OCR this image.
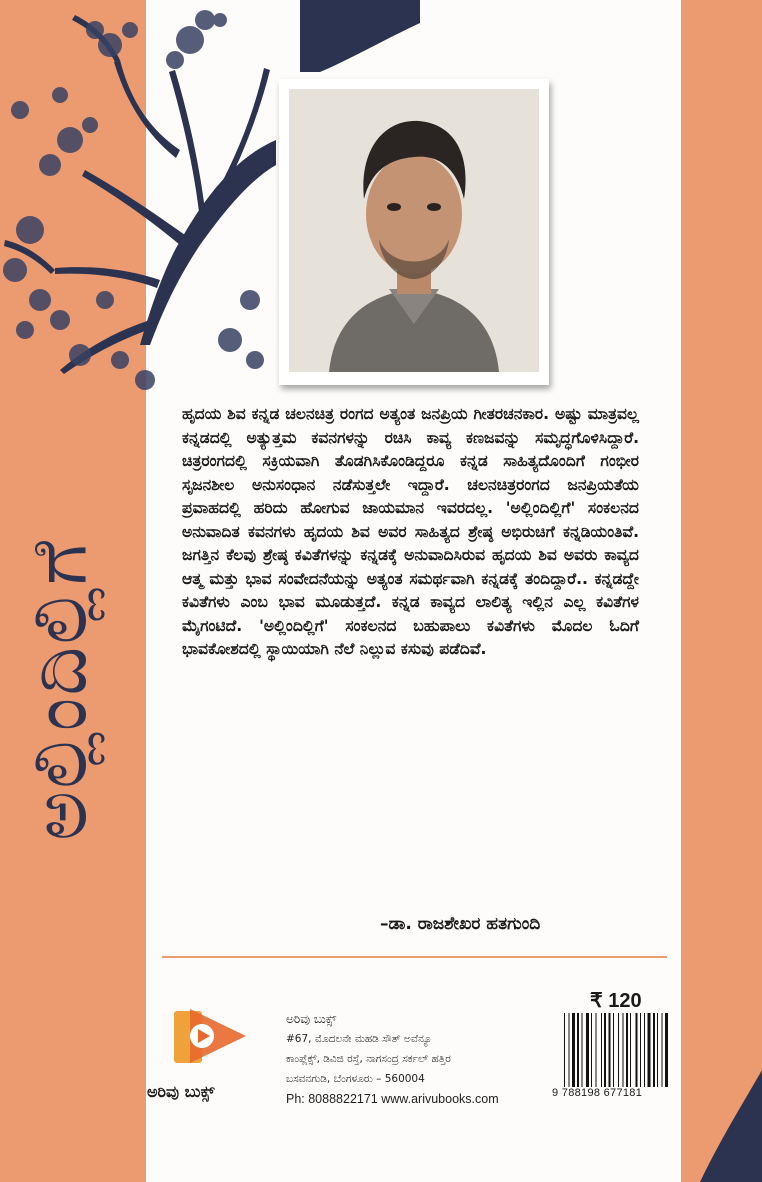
ಅಲ್ಲಿಂದಿಲ್ಲಿಗೆ

ಹೃದಯ ಶಿವ ಕನ್ನಡ ಚಲನಚಿತ್ರ ರಂಗದ ಅತ್ಯಂತ ಜನಪ್ರಿಯ ಗೀತರಚನಕಾರ. ಅಷ್ಟು ಮಾತ್ರವಲ್ಲ ಕನ್ನಡದಲ್ಲಿ ಅತ್ಯುತ್ತಮ ಕವನಗಳನ್ನು ರಚಿಸಿ ಕಾವ್ಯ ಕಣಜವನ್ನು ಸಮೃದ್ಧಗೊಳಿಸಿದ್ದಾರೆ. ಚಿತ್ರರಂಗದಲ್ಲಿ ಸಕ್ರಿಯವಾಗಿ ತೊಡಗಿಸಿಕೊಂಡಿದ್ದರೂ ಕನ್ನಡ ಸಾಹಿತ್ಯದೊಂದಿಗೆ ಗಂಭೀರ ಸೃಜನಶೀಲ ಅನುಸಂಧಾನ ನಡೆಸುತ್ತಲೇ ಇದ್ದಾರೆ. ಚಲನಚಿತ್ರರಂಗದ ಜನಪ್ರಿಯತೆಯ ಪ್ರವಾಹದಲ್ಲಿ ಹರಿದು ಹೋಗುವ ಜಾಯಮಾನ ಇವರದಲ್ಲ. 'ಅಲ್ಲಿಂದಿಲ್ಲಿಗೆ' ಸಂಕಲನದ ಅನುವಾದಿತ ಕವನಗಳು ಹೃದಯ ಶಿವ ಅವರ ಸಾಹಿತ್ಯದ ಶ್ರೇಷ್ಠ ಅಭಿರುಚಿಗೆ ಕನ್ನಡಿಯಂತಿವೆ. ಜಗತ್ತಿನ ಕೆಲವು ಶ್ರೇಷ್ಠ ಕವಿತೆಗಳನ್ನು ಕನ್ನಡಕ್ಕೆ ಅನುವಾದಿಸಿರುವ ಹೃದಯ ಶಿವ ಅವರು ಕಾವ್ಯದ ಆತ್ಮ ಮತ್ತು ಭಾವ ಸಂವೇದನೆಯನ್ನು ಅತ್ಯಂತ ಸಮರ್ಥವಾಗಿ ಕನ್ನಡಕ್ಕೆ ತಂದಿದ್ದಾರೆ.. ಕನ್ನಡದ್ದೇ ಕವಿತೆಗಳು ಎಂಬ ಭಾವ ಮೂಡುತ್ತದೆ. ಕನ್ನಡ ಕಾವ್ಯದ ಲಾಲಿತ್ಯ ಇಲ್ಲಿನ ಎಲ್ಲ ಕವಿತೆಗಳ ಮೈಗಂಟಿದೆ. 'ಅಲ್ಲಿಂದಿಲ್ಲಿಗೆ' ಸಂಕಲನದ ಬಹುಪಾಲು ಕವಿತೆಗಳು ಮೊದಲ ಓದಿಗೆ ಭಾವಕೋಶದಲ್ಲಿ ಸ್ಥಾಯಿಯಾಗಿ ನೆಲೆ ನಿಲ್ಲುವ ಕಸುವು ಪಡೆದಿವೆ.

–ಡಾ. ರಾಜಶೇಖರ ಹತಗುಂದಿ
ಅರಿವು ಬುಕ್ಸ್
ಅರಿವು ಬುಕ್ಸ್
#67, ಮೊದಲನೇ ಮಹಡಿ ಸೌತ್ ಅವೆನ್ಯೂ
ಕಾಂಪ್ಲೆಕ್ಸ್, ಡಿವಿಜಿ ರಸ್ತೆ, ನಾಗಸಂದ್ರ ಸರ್ಕಲ್ ಹತ್ತಿರ
ಬಸವನಗುಡಿ, ಬೆಂಗಳೂರು – 560004
Ph: 8088822171 www.arivubooks.com
₹ 120
9 788198 677181
